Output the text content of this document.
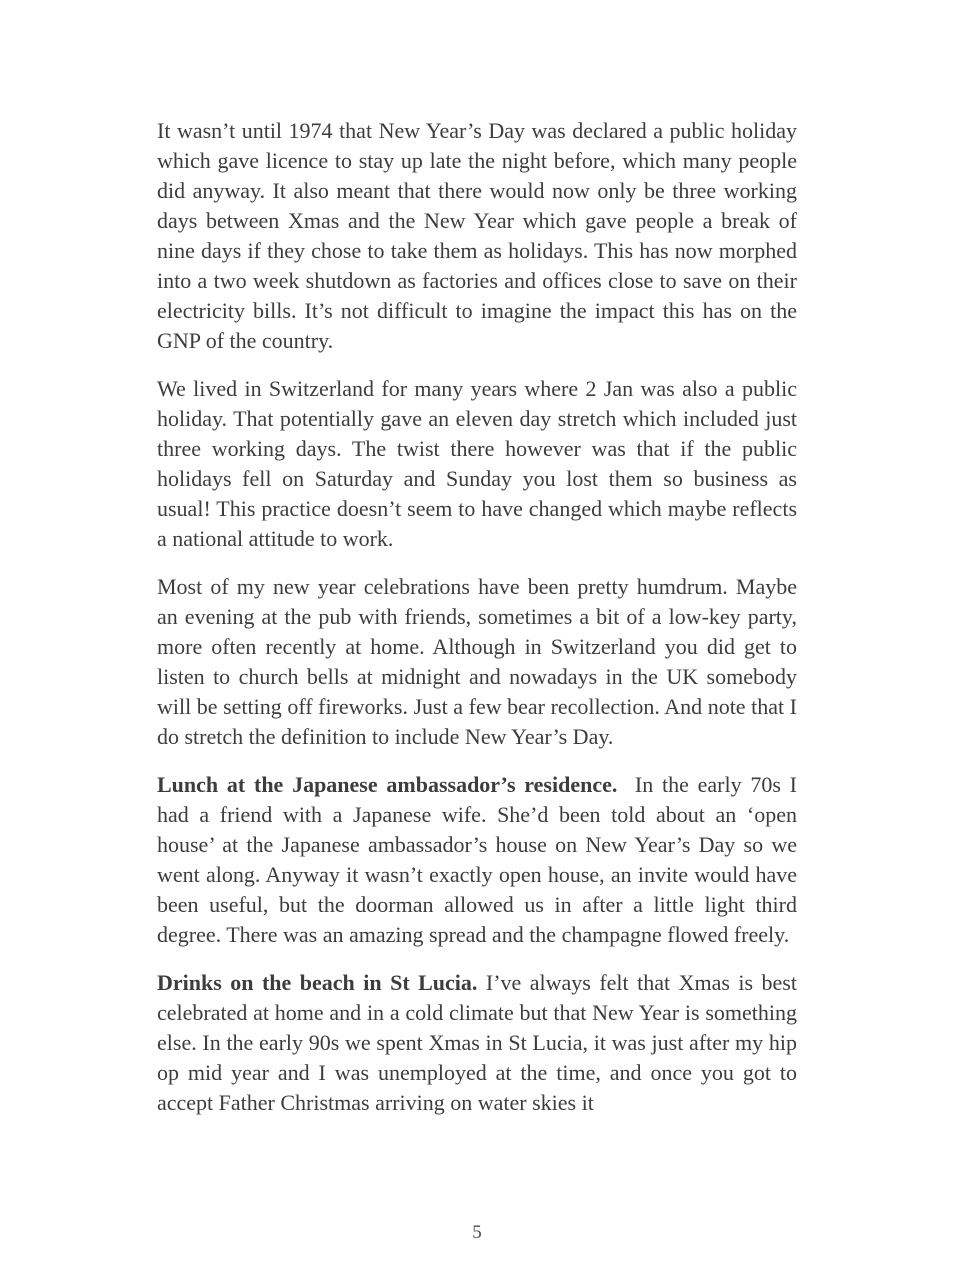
It wasn’t until 1974 that New Year’s Day was declared a public holiday which gave licence to stay up late the night before, which many people did anyway. It also meant that there would now only be three working days between Xmas and the New Year which gave people a break of nine days if they chose to take them as holidays. This has now morphed into a two week shutdown as factories and offices close to save on their electricity bills. It’s not difficult to imagine the impact this has on the GNP of the country.

We lived in Switzerland for many years where 2 Jan was also a public holiday. That potentially gave an eleven day stretch which included just three working days. The twist there however was that if the public holidays fell on Saturday and Sunday you lost them so business as usual! This practice doesn’t seem to have changed which maybe reflects a national attitude to work.

Most of my new year celebrations have been pretty humdrum. Maybe an evening at the pub with friends, sometimes a bit of a low-key party, more often recently at home. Although in Switzerland you did get to listen to church bells at midnight and nowadays in the UK somebody will be setting off fireworks. Just a few bear recollection. And note that I do stretch the definition to include New Year’s Day.

Lunch at the Japanese ambassador’s residence.  In the early 70s I had a friend with a Japanese wife. She’d been told about an ‘open house’ at the Japanese ambassador’s house on New Year’s Day so we went along. Anyway it wasn’t exactly open house, an invite would have been useful, but the doorman allowed us in after a little light third degree. There was an amazing spread and the champagne flowed freely.

Drinks on the beach in St Lucia. I’ve always felt that Xmas is best celebrated at home and in a cold climate but that New Year is something else. In the early 90s we spent Xmas in St Lucia, it was just after my hip op mid year and I was unemployed at the time, and once you got to accept Father Christmas arriving on water skies it

5
